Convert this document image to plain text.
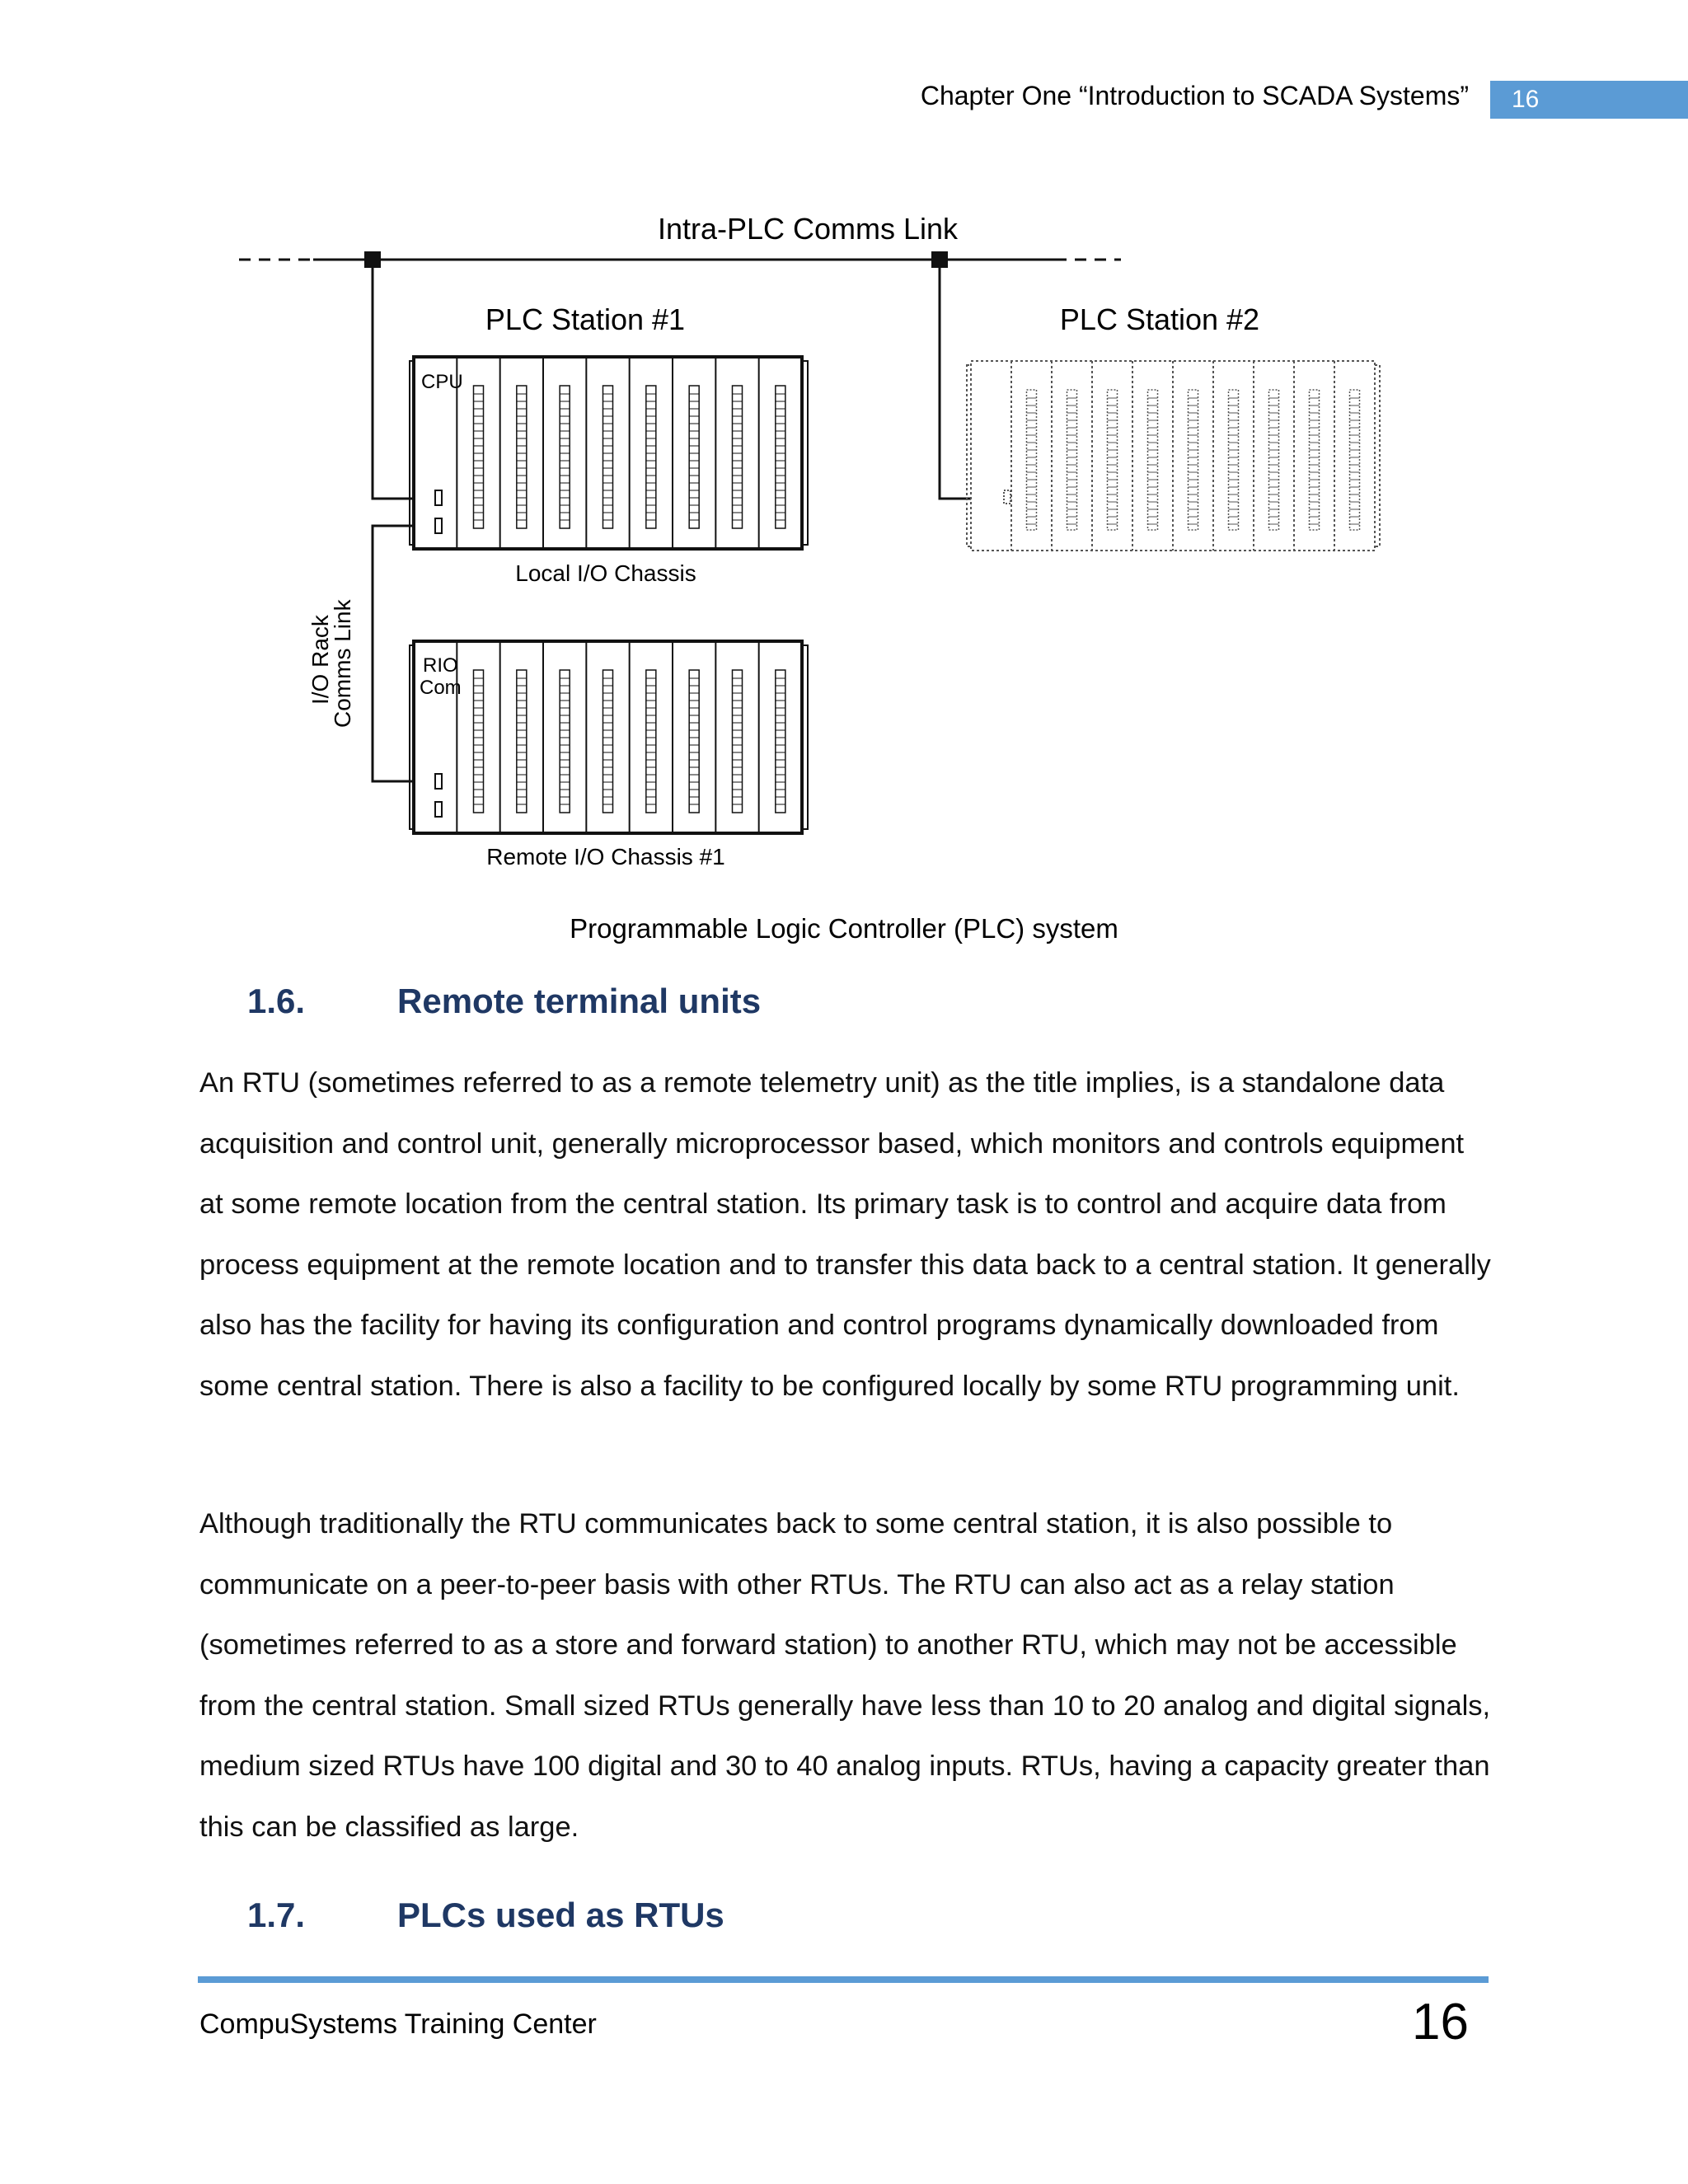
Chapter One “Introduction to SCADA Systems”	16
Intra-PLC Comms Link
PLC Station #1	PLC Station #2
CPU
Local I/O Chassis
RIO
Com
Remote I/O Chassis #1
I/O Rack
Comms Link
Programmable Logic Controller (PLC) system
1.6.	Remote terminal units

An RTU (sometimes referred to as a remote telemetry unit) as the title implies, is a standalone data acquisition and control unit, generally microprocessor based, which monitors and controls equipment at some remote location from the central station. Its primary task is to control and acquire data from process equipment at the remote location and to transfer this data back to a central station. It generally also has the facility for having its configuration and control programs dynamically downloaded from some central station. There is also a facility to be configured locally by some RTU programming unit.

Although traditionally the RTU communicates back to some central station, it is also possible to communicate on a peer-to-peer basis with other RTUs. The RTU can also act as a relay station (sometimes referred to as a store and forward station) to another RTU, which may not be accessible from the central station. Small sized RTUs generally have less than 10 to 20 analog and digital signals, medium sized RTUs have 100 digital and 30 to 40 analog inputs. RTUs, having a capacity greater than this can be classified as large.

1.7.	PLCs used as RTUs
CompuSystems Training Center	16
